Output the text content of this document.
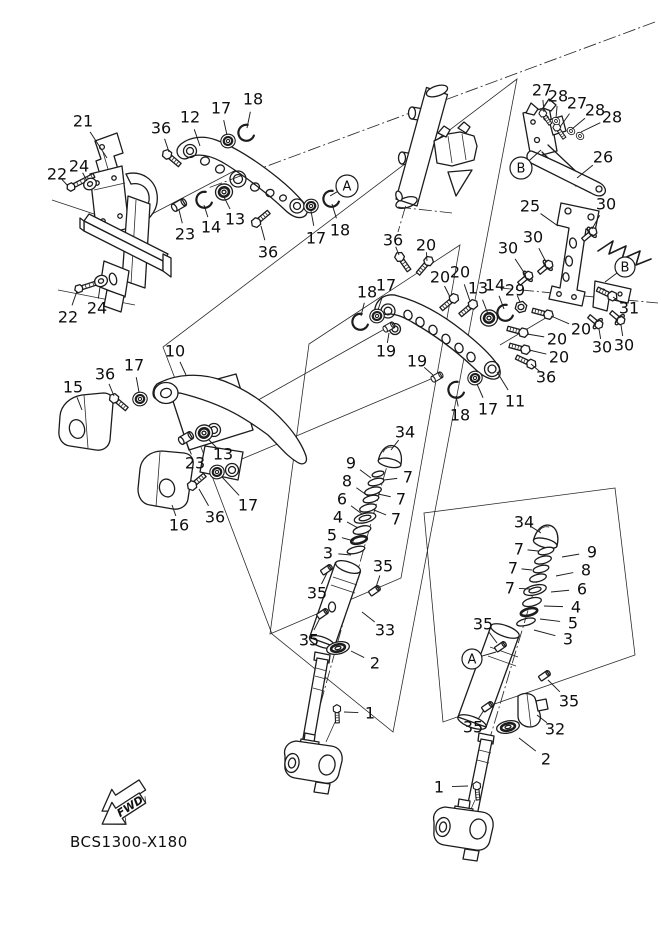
FWD
BCS1300-X180
21	36
12 17 18
22 24
23 14 13
36
17 18
22 24
27
28
27
28
28
26
25	30
30
30
29
14
13
20
36
20 20
20
20
20
36
30 30
31
10
15
36 17
23 13
17
36
16
18
17
19
19
18 17 11
34
9
7
8
7
6
7
4
5
3
35
35
35
33
2
1
34
7	9
7	8
7	6
4
5
3
35
35
35	32
2
1
A
B
B
A
